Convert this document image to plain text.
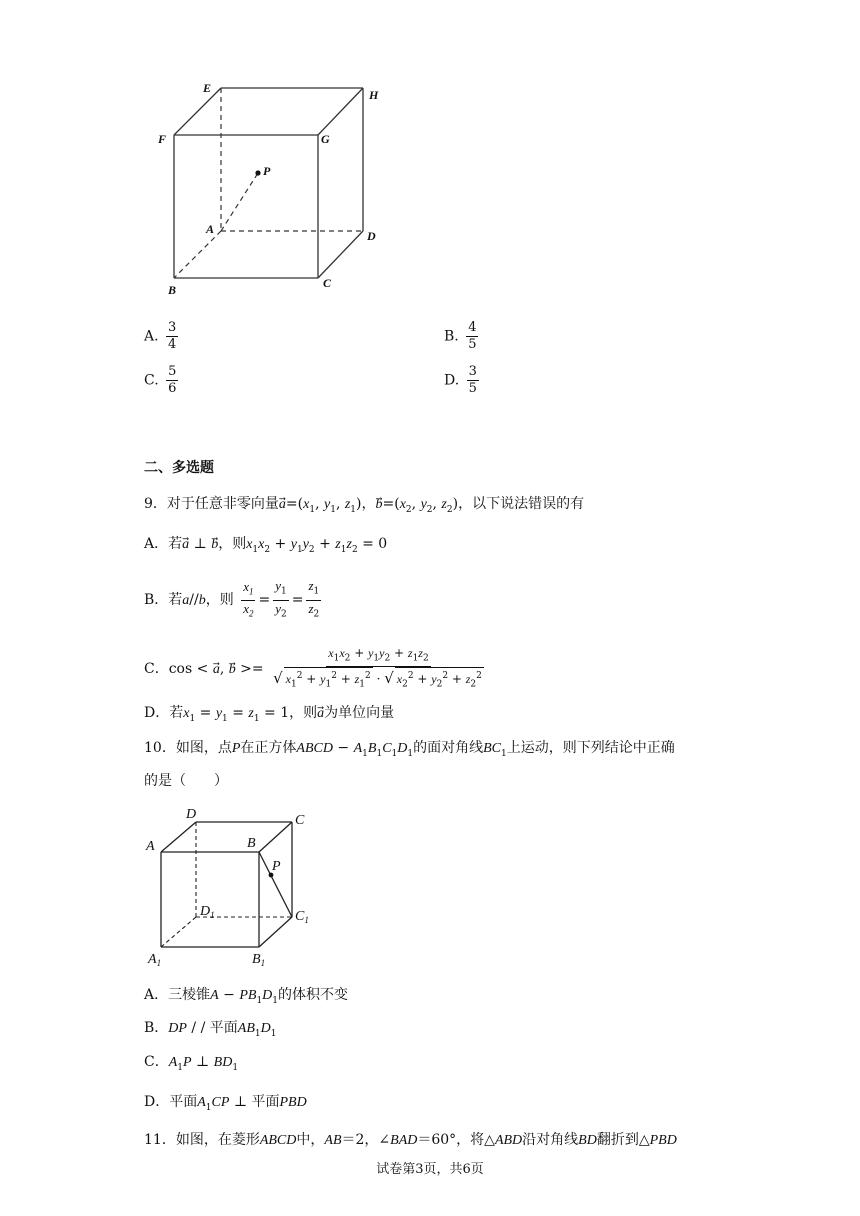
E	H
F	G
P
A	D
B	C
A. $\frac{3}{4}$	B. $\frac{4}{5}$
C. $\frac{5}{6}$	D. $\frac{3}{5}$
二、多选题
9．对于任意非零向量$a⃗=(x_1$, $y_1$, $z_1$)，$b⃗=(x_2$, $y_2$, $z_2$)，以下说法错误的有
A．若a⃗ ⊥ b，则$x_1x_2 + y_1y_2 + z_1z_2 = 0$
B．若a//b，则 $\frac{x_1}{x_2} = \frac{y_1}{y_2} = \frac{z_1}{z_2}$
C．cos < a⃗, b⃗ >= $\frac{x_1x_2 + y_1y_2 + z_1z_2}{√ x_1^2 + y_1^2 + z_1^2 \cdot √ x_2^2 + y_2^2 + z_2^2}$
D．若$x_1 = y_1 = z_1 = 1$，则a为单位向量
10．如图，点P在正方体ABCD − $A_1B_1C_1D_1$的面对角线$BC_1$上运动，则下列结论中正确
的是（　　）
D	C
A	B
P
$D_1$	$C_1$
$A_1$	$B_1$
A．三棱锥$A - PB_1D_1$的体积不变
B．DP / / 平面$AB_1D_1$
C．$A_1P$ ⊥ $BD_1$
D．平面$A_1CP$ ⊥ 平面PBD
11．如图，在菱形ABCD中，AB＝2，∠BAD＝60°，将△ABD沿对角线BD翻折到△PBD
试卷第3页，共6页
